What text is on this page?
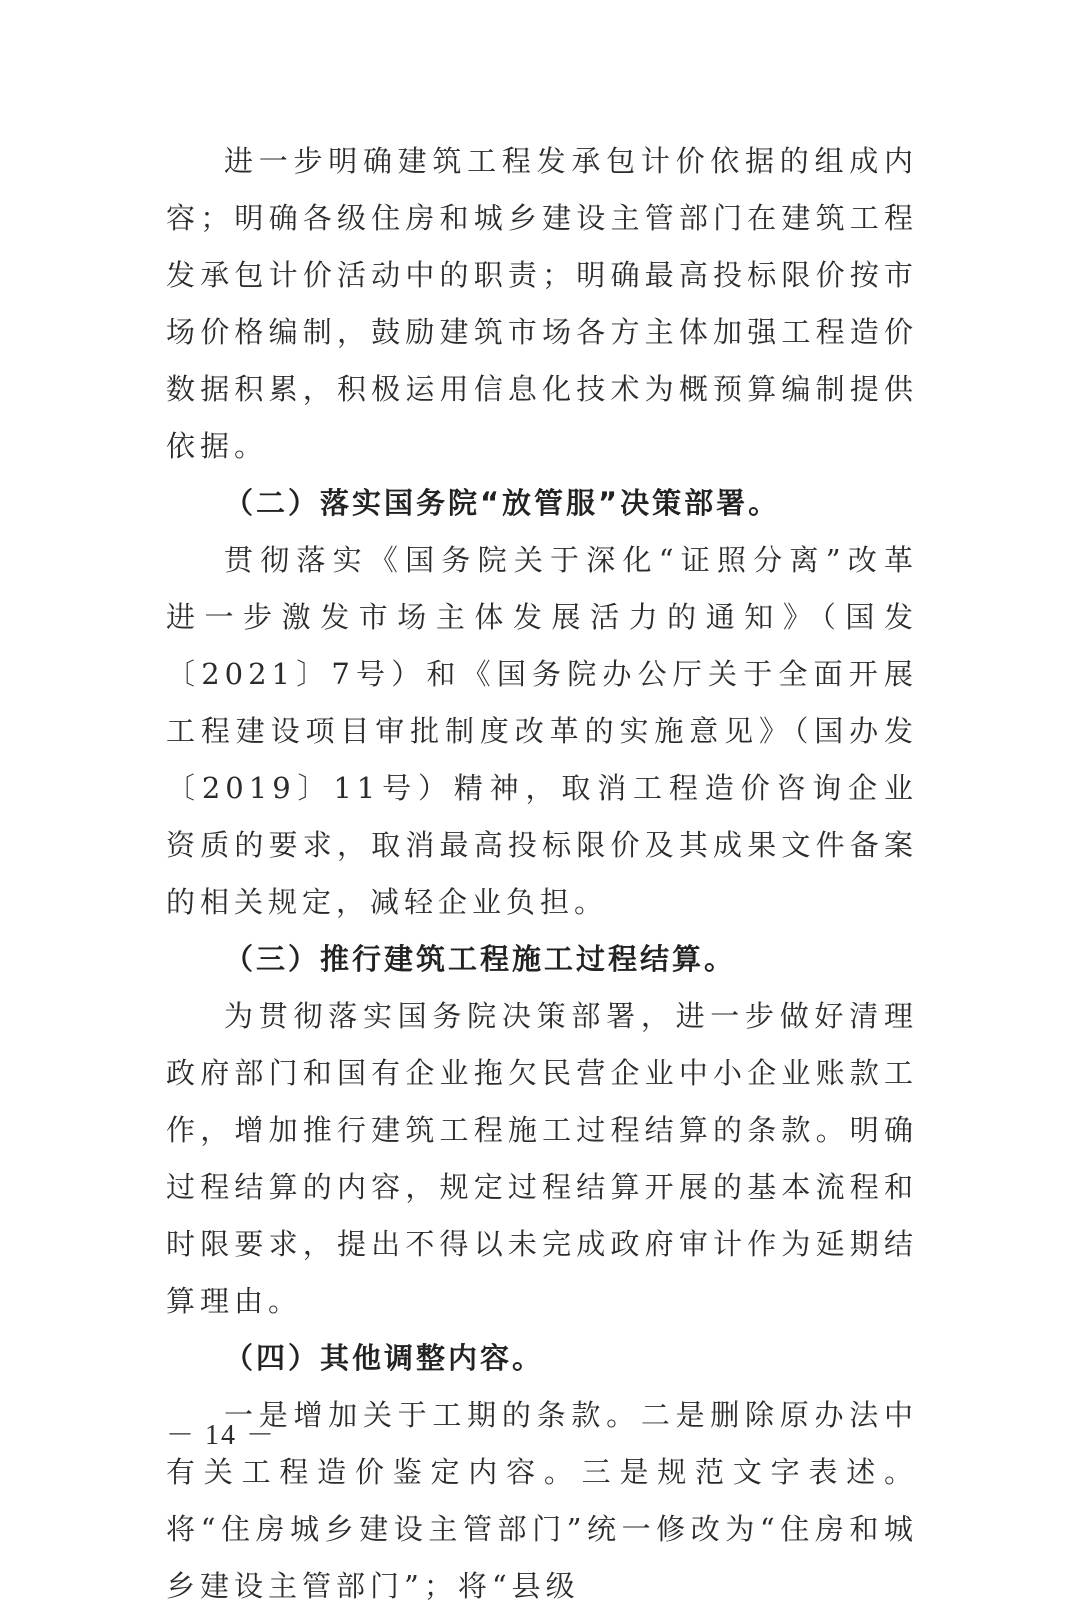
进一步明确建筑工程发承包计价依据的组成内容；明确各级住房和城乡建设主管部门在建筑工程发承包计价活动中的职责；明确最高投标限价按市场价格编制，鼓励建筑市场各方主体加强工程造价数据积累，积极运用信息化技术为概预算编制提供依据。

（二）落实国务院“放管服”决策部署。

贯彻落实《国务院关于深化“证照分离”改革 进一步激发市场主体发展活力的通知》（国发〔2021〕7号）和《国务院办公厅关于全面开展工程建设项目审批制度改革的实施意见》（国办发〔2019〕11号）精神，取消工程造价咨询企业资质的要求，取消最高投标限价及其成果文件备案的相关规定，减轻企业负担。

（三）推行建筑工程施工过程结算。

为贯彻落实国务院决策部署，进一步做好清理政府部门和国有企业拖欠民营企业中小企业账款工作，增加推行建筑工程施工过程结算的条款。明确过程结算的内容，规定过程结算开展的基本流程和时限要求，提出不得以未完成政府审计作为延期结算理由。

（四）其他调整内容。

一是增加关于工期的条款。二是删除原办法中有关工程造价鉴定内容。三是规范文字表述。将“住房城乡建设主管部门”统一修改为“住房和城乡建设主管部门”；将“县级

－ 14 －
